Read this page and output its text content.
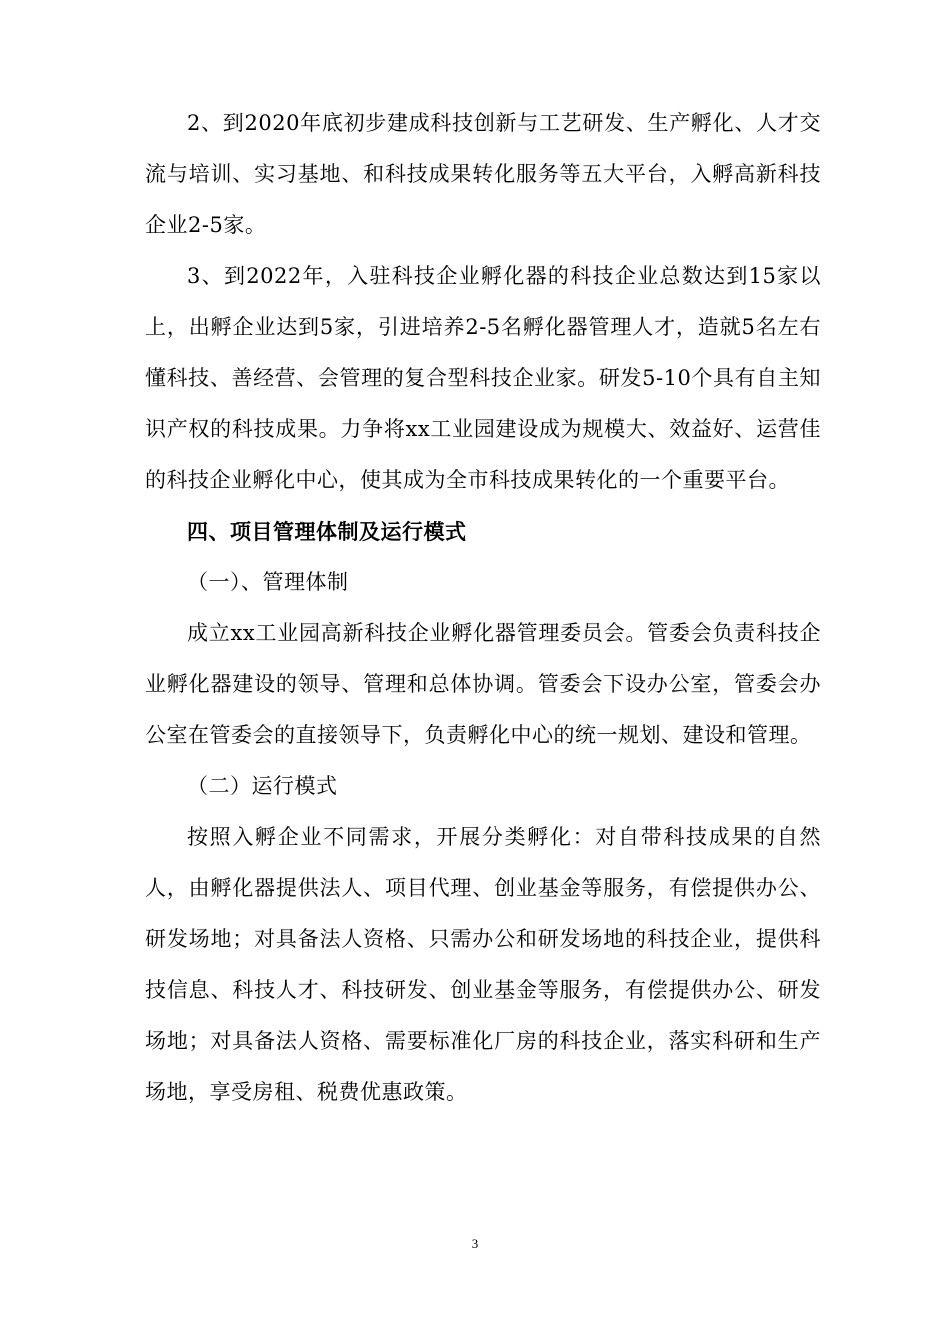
2、到2020年底初步建成科技创新与工艺研发、生产孵化、人才交流与培训、实习基地、和科技成果转化服务等五大平台，入孵高新科技企业2-5家。

3、到2022年，入驻科技企业孵化器的科技企业总数达到15家以上，出孵企业达到5家，引进培养2-5名孵化器管理人才，造就5名左右懂科技、善经营、会管理的复合型科技企业家。研发5-10个具有自主知识产权的科技成果。力争将xx工业园建设成为规模大、效益好、运营佳的科技企业孵化中心，使其成为全市科技成果转化的一个重要平台。

四、项目管理体制及运行模式

（一）、管理体制

成立xx工业园高新科技企业孵化器管理委员会。管委会负责科技企业孵化器建设的领导、管理和总体协调。管委会下设办公室，管委会办公室在管委会的直接领导下，负责孵化中心的统一规划、建设和管理。

（二）运行模式

按照入孵企业不同需求，开展分类孵化：对自带科技成果的自然人，由孵化器提供法人、项目代理、创业基金等服务，有偿提供办公、研发场地；对具备法人资格、只需办公和研发场地的科技企业，提供科技信息、科技人才、科技研发、创业基金等服务，有偿提供办公、研发场地；对具备法人资格、需要标准化厂房的科技企业，落实科研和生产场地，享受房租、税费优惠政策。

3
